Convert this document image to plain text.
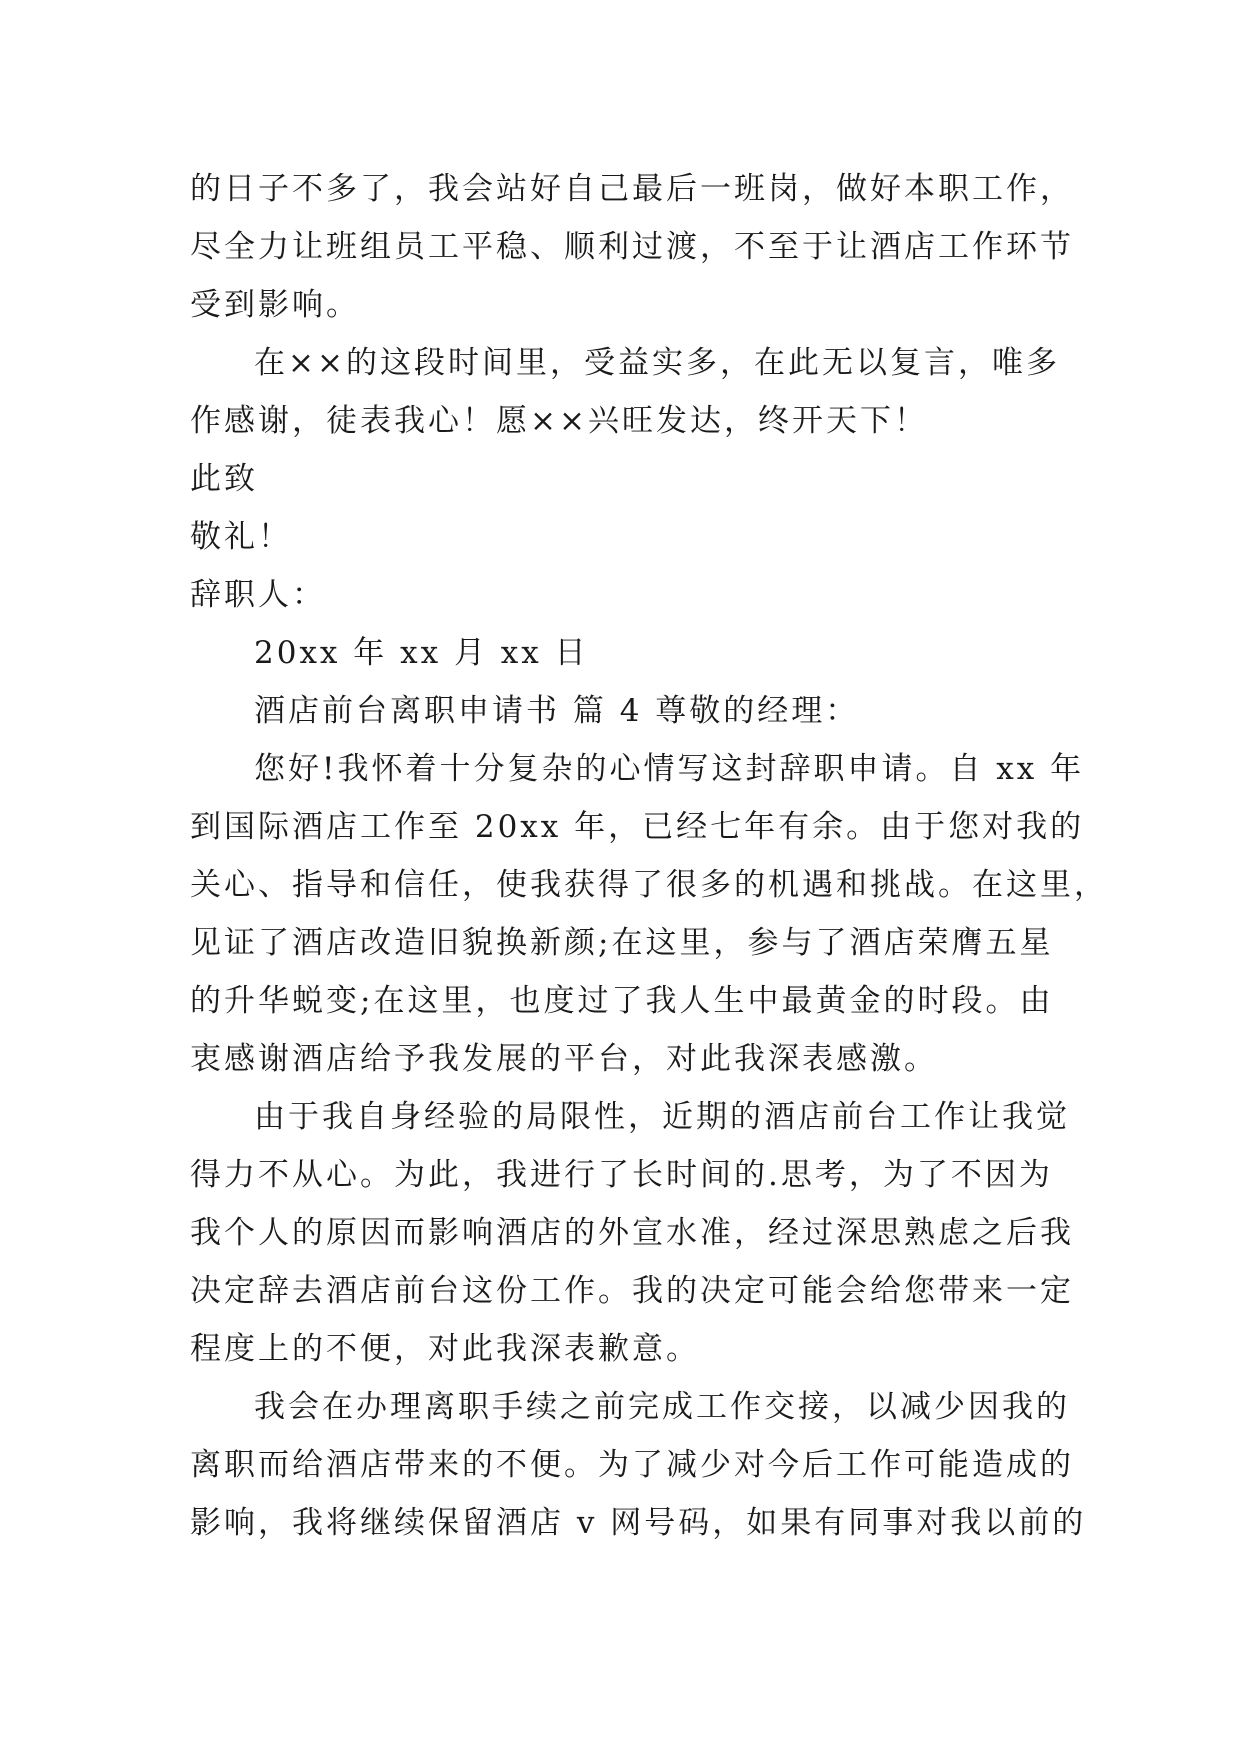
的日子不多了，我会站好自己最后一班岗，做好本职工作，
尽全力让班组员工平稳、顺利过渡，不至于让酒店工作环节
受到影响。
在××的这段时间里，受益实多，在此无以复言，唯多
作感谢，徒表我心！愿××兴旺发达，终开天下！
此致
敬礼！
辞职人：
20xx 年 xx 月 xx 日
酒店前台离职申请书 篇 4 尊敬的经理：
您好!我怀着十分复杂的心情写这封辞职申请。自 xx 年
到国际酒店工作至 20xx 年，已经七年有余。由于您对我的
关心、指导和信任，使我获得了很多的机遇和挑战。在这里，
见证了酒店改造旧貌换新颜;在这里，参与了酒店荣膺五星
的升华蜕变;在这里，也度过了我人生中最黄金的时段。由
衷感谢酒店给予我发展的平台，对此我深表感激。
由于我自身经验的局限性，近期的酒店前台工作让我觉
得力不从心。为此，我进行了长时间的.思考，为了不因为
我个人的原因而影响酒店的外宣水准，经过深思熟虑之后我
决定辞去酒店前台这份工作。我的决定可能会给您带来一定
程度上的不便，对此我深表歉意。
我会在办理离职手续之前完成工作交接，以减少因我的
离职而给酒店带来的不便。为了减少对今后工作可能造成的
影响，我将继续保留酒店 v 网号码，如果有同事对我以前的
